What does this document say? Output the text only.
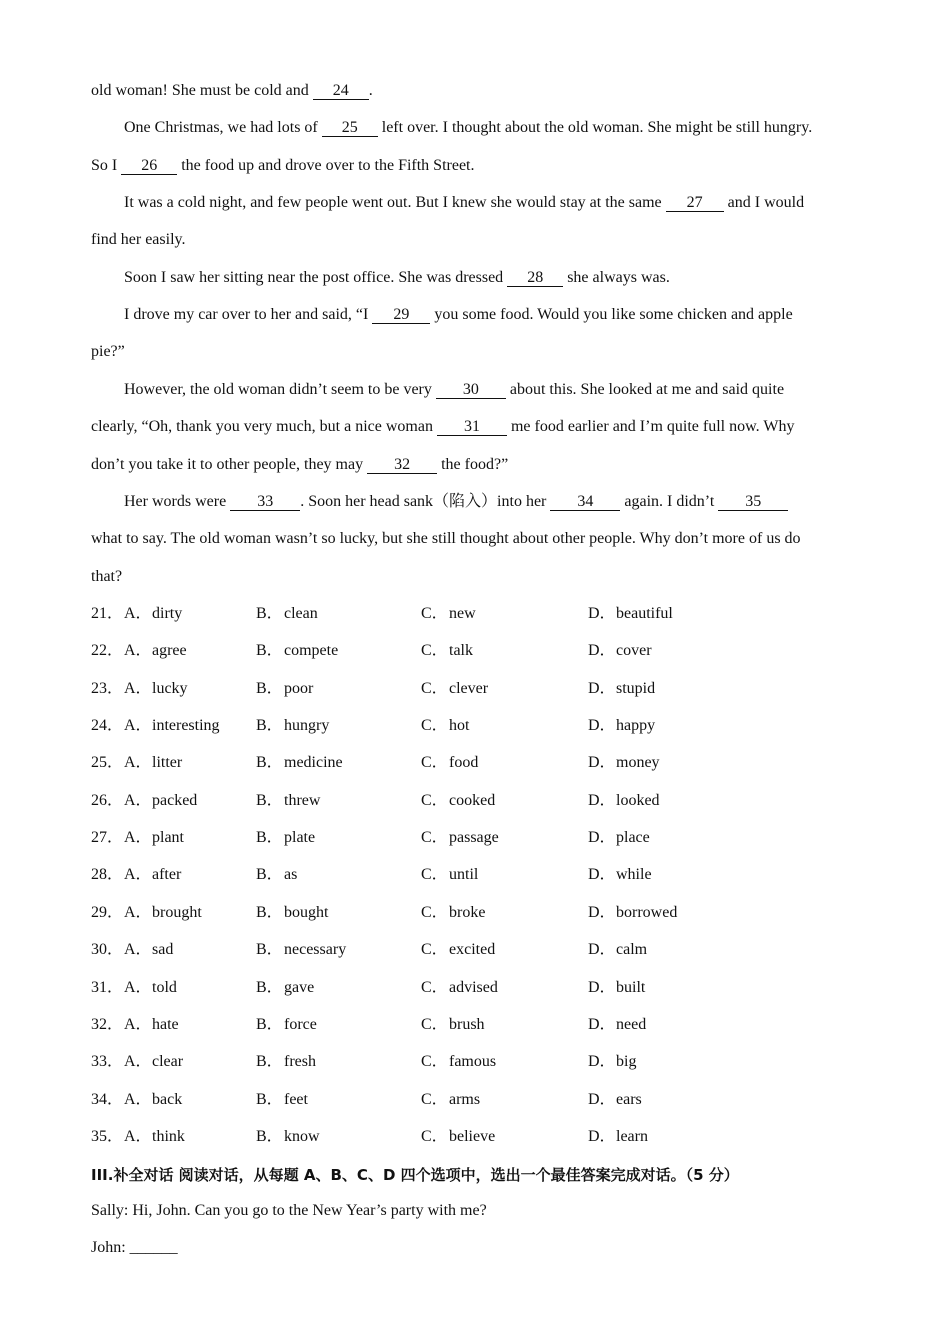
old woman! She must be cold and 24 .
One Christmas, we had lots of 25 left over. I thought about the old woman. She might be still hungry.
So I 26 the food up and drove over to the Fifth Street.
It was a cold night, and few people went out. But I knew she would stay at the same 27 and I would
find her easily.
Soon I saw her sitting near the post office. She was dressed 28 she always was.
I drove my car over to her and said, “I 29 you some food. Would you like some chicken and apple
pie?”
However, the old woman didn’t seem to be very 30 about this. She looked at me and said quite
clearly, “Oh, thank you very much, but a nice woman 31 me food earlier and I’m quite full now. Why
don’t you take it to other people, they may 32 the food?”
Her words were 33 . Soon her head sank（陷入）into her 34 again. I didn’t 35
what to say. The old woman wasn’t so lucky, but she still thought about other people. Why don’t more of us do
that?
21． A．dirty	B．clean	C．new	D．beautiful
22． A．agree	B．compete	C．talk	D．cover
23． A．lucky	B．poor	C．clever	D．stupid
24． A．interesting B．hungry	C．hot	D．happy
25． A．litter	B．medicine	C．food	D．money
26． A．packed	B．threw	C．cooked	D．looked
27． A．plant	B．plate	C．passage	D．place
28． A．after	B．as	C．until	D．while
29． A．brought	B．bought	C．broke	D．borrowed
30． A．sad	B．necessary	C．excited	D．calm
31． A．told	B．gave	C．advised	D．built
32． A．hate	B．force	C．brush	D．need
33． A．clear	B．fresh	C．famous	D．big
34． A．back	B．feet	C．arms	D．ears
35． A．think	B．know	C．believe	D．learn
III.补全对话 阅读对话，从每题 A、B、C、D 四个选项中，选出一个最佳答案完成对话。（5 分）
Sally: Hi, John. Can you go to the New Year’s party with me?
John: ______
